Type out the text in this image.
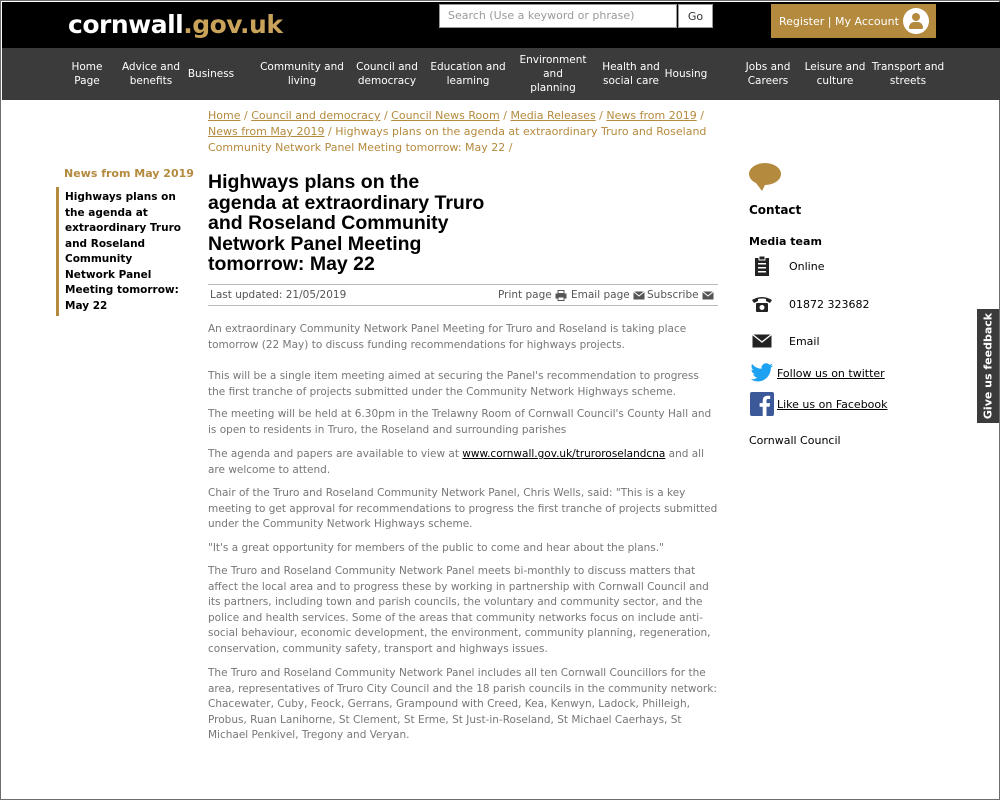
cornwall.gov.uk	Search (Use a keyword or phrase)	Go	Register | My Account
Home
Page
Advice and
benefits
Business
Community and
living
Council and
democracy
Education and
learning
Environment and
planning
Health and
social care
Housing
Jobs and
Careers
Leisure and
culture
Transport and
streets
Home / Council and democracy / Council News Room / Media Releases / News from 2019 / News from May 2019 / Highways plans on the agenda at extraordinary Truro and Roseland Community Network Panel Meeting tomorrow: May 22 /
News from May 2019
Highways plans on the agenda at extraordinary Truro and Roseland Community Network Panel Meeting tomorrow: May 22
Highways plans on the agenda at extraordinary Truro and Roseland Community Network Panel Meeting tomorrow: May 22
Last updated: 21/05/2019	Print page Email page Subscribe

An extraordinary Community Network Panel Meeting for Truro and Roseland is taking place tomorrow (22 May) to discuss funding recommendations for highways projects.

This will be a single item meeting aimed at securing the Panel's recommendation to progress the first tranche of projects submitted under the Community Network Highways scheme.

The meeting will be held at 6.30pm in the Trelawny Room of Cornwall Council's County Hall and is open to residents in Truro, the Roseland and surrounding parishes

The agenda and papers are available to view at www.cornwall.gov.uk/truroroselandcna and all are welcome to attend.

Chair of the Truro and Roseland Community Network Panel, Chris Wells, said: "This is a key meeting to get approval for recommendations to progress the first tranche of projects submitted under the Community Network Highways scheme.

"It's a great opportunity for members of the public to come and hear about the plans."

The Truro and Roseland Community Network Panel meets bi-monthly to discuss matters that affect the local area and to progress these by working in partnership with Cornwall Council and its partners, including town and parish councils, the voluntary and community sector, and the police and health services. Some of the areas that community networks focus on include anti-social behaviour, economic development, the environment, community planning, regeneration, conservation, community safety, transport and highways issues.

The Truro and Roseland Community Network Panel includes all ten Cornwall Councillors for the area, representatives of Truro City Council and the 18 parish councils in the community network: Chacewater, Cuby, Feock, Gerrans, Grampound with Creed, Kea, Kenwyn, Ladock, Philleigh, Probus, Ruan Lanihorne, St Clement, St Erme, St Just-in-Roseland, St Michael Caerhays, St Michael Penkivel, Tregony and Veryan.

Contact
Media team
Online
01872 323682
Email
Follow us on twitter
Like us on Facebook
Cornwall Council
Give us feedback
